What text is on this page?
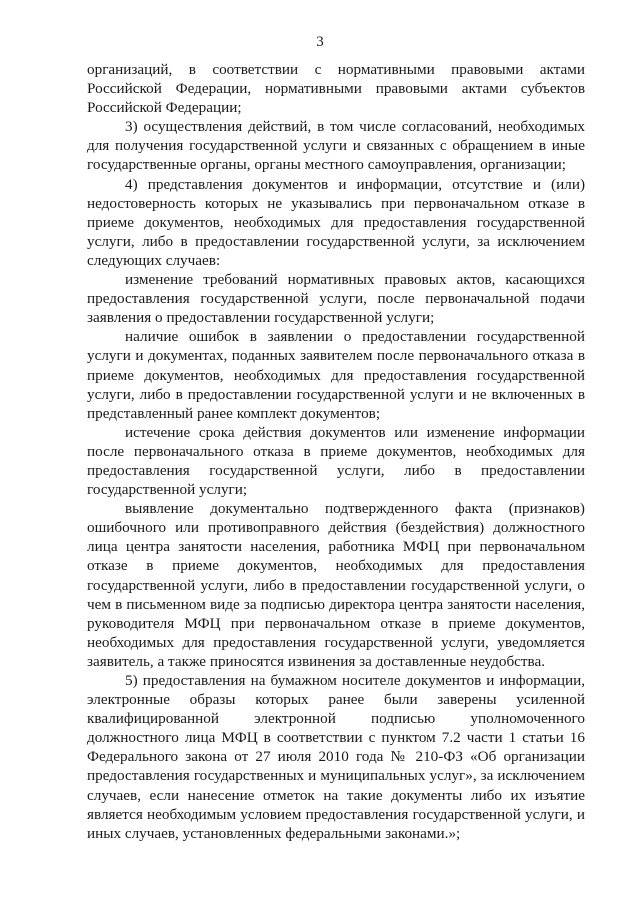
3

организаций, в соответствии с нормативными правовыми актами Российской Федерации, нормативными правовыми актами субъектов Российской Федерации;

3) осуществления действий, в том числе согласований, необходимых для получения государственной услуги и связанных с обращением в иные государственные органы, органы местного самоуправления, организации;

4) представления документов и информации, отсутствие и (или) недостоверность которых не указывались при первоначальном отказе в приеме документов, необходимых для предоставления государственной услуги, либо в предоставлении государственной услуги, за исключением следующих случаев:

изменение требований нормативных правовых актов, касающихся предоставления государственной услуги, после первоначальной подачи заявления о предоставлении государственной услуги;

наличие ошибок в заявлении о предоставлении государственной услуги и документах, поданных заявителем после первоначального отказа в приеме документов, необходимых для предоставления государственной услуги, либо в предоставлении государственной услуги и не включенных в представленный ранее комплект документов;

истечение срока действия документов или изменение информации после первоначального отказа в приеме документов, необходимых для предоставления государственной услуги, либо в предоставлении государственной услуги;

выявление документально подтвержденного факта (признаков) ошибочного или противоправного действия (бездействия) должностного лица центра занятости населения, работника МФЦ при первоначальном отказе в приеме документов, необходимых для предоставления государственной услуги, либо в предоставлении государственной услуги, о чем в письменном виде за подписью директора центра занятости населения, руководителя МФЦ при первоначальном отказе в приеме документов, необходимых для предоставления государственной услуги, уведомляется заявитель, а также приносятся извинения за доставленные неудобства.

5) предоставления на бумажном носителе документов и информации, электронные образы которых ранее были заверены усиленной квалифицированной электронной подписью уполномоченного должностного лица МФЦ в соответствии с пунктом 7.2 части 1 статьи 16 Федерального закона от 27 июля 2010 года № 210-ФЗ «Об организации предоставления государственных и муниципальных услуг», за исключением случаев, если нанесение отметок на такие документы либо их изъятие является необходимым условием предоставления государственной услуги, и иных случаев, установленных федеральными законами.»;
